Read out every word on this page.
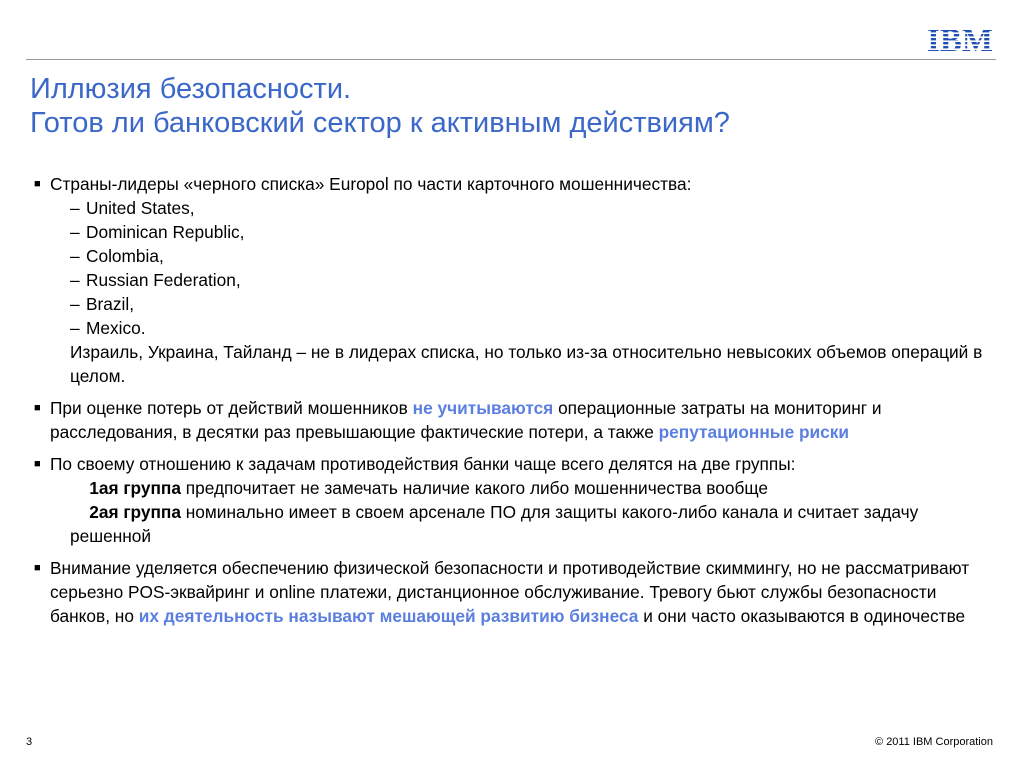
IBM
Иллюзия безопасности.
Готов ли банковский сектор к активным действиям?
■ Страны-лидеры «черного списка» Europol по части карточного мошенничества:
– United States,
– Dominican Republic,
– Colombia,
– Russian Federation,
– Brazil,
– Mexico.
Израиль, Украина, Тайланд – не в лидерах списка, но только из-за относительно невысоких объемов операций в целом.
■ При оценке потерь от действий мошенников не учитываются операционные затраты на мониторинг и расследования, в десятки раз превышающие фактические потери, а также репутационные риски
■ По своему отношению к задачам противодействия банки чаще всего делятся на две группы:
1ая группа предпочитает не замечать наличие какого либо мошенничества вообще
2ая группа номинально имеет в своем арсенале ПО для защиты какого-либо канала и считает задачу решенной
■ Внимание уделяется обеспечению физической безопасности и противодействие скиммингу, но не рассматривают серьезно POS-эквайринг и online платежи, дистанционное обслуживание. Тревогу бьют службы безопасности банков, но их деятельность называют мешающей развитию бизнеса и они часто оказываются в одиночестве
3	© 2011 IBM Corporation
